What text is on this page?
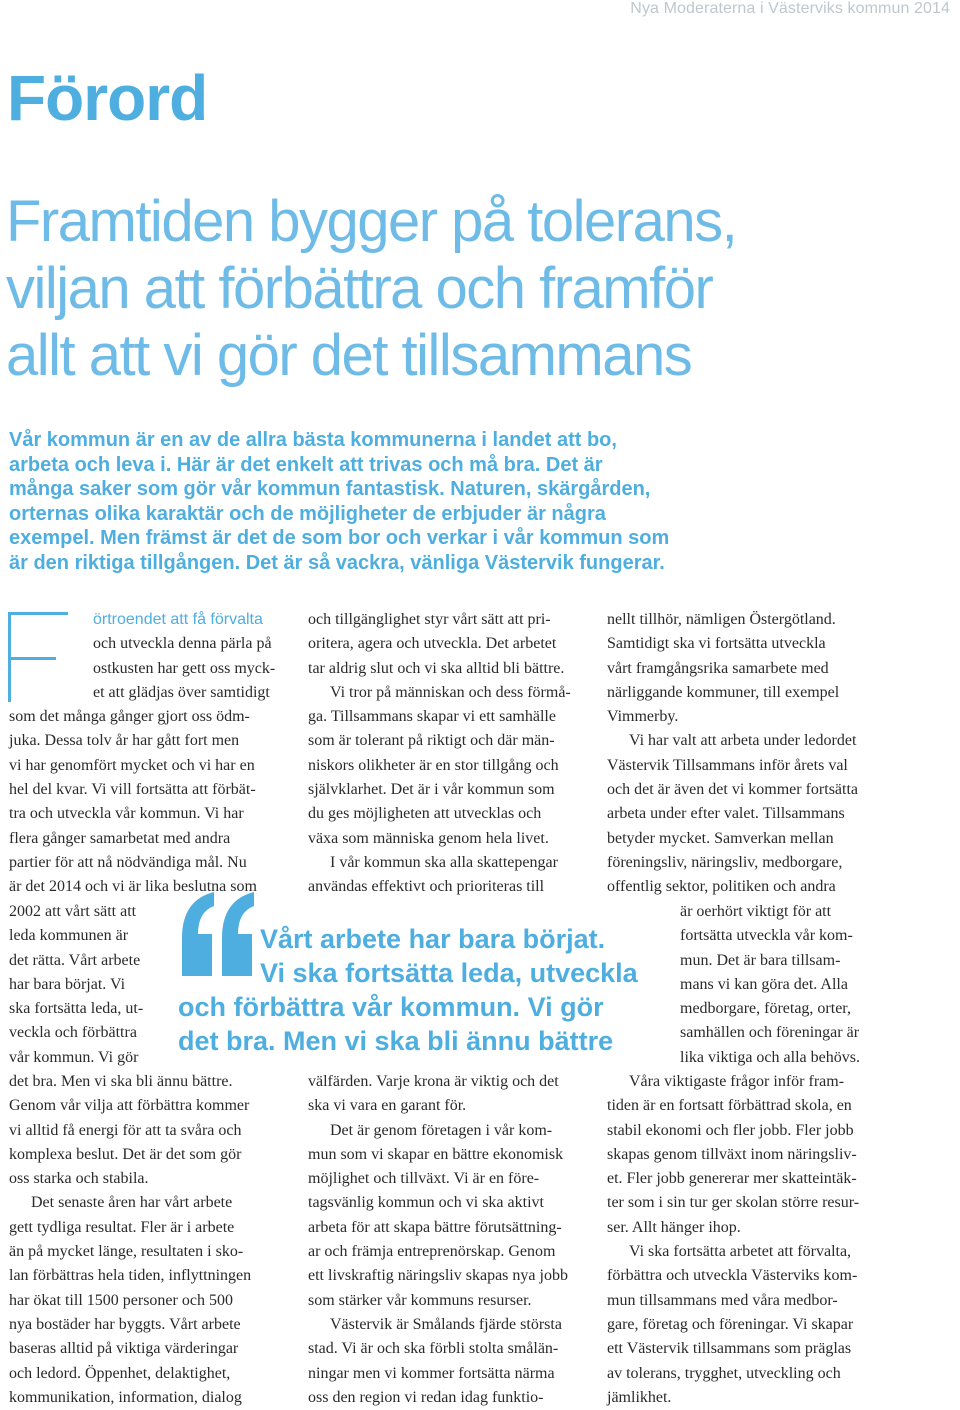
Nya Moderaterna i Västerviks kommun 2014
Förord
Framtiden bygger på tolerans,
viljan att förbättra och framför
allt att vi gör det tillsammans
Vår kommun är en av de allra bästa kommunerna i landet att bo,
arbeta och leva i. Här är det enkelt att trivas och må bra. Det är
många saker som gör vår kommun fantastisk. Naturen, skärgården,
orternas olika karaktär och de möjligheter de erbjuder är några
exempel. Men främst är det de som bor och verkar i vår kommun som
är den riktiga tillgången. Det är så vackra, vänliga Västervik fungerar.
örtroendet att få förvalta
och utveckla denna pärla på
ostkusten har gett oss myck-
et att glädjas över samtidigt
som det många gånger gjort oss ödm-
juka. Dessa tolv år har gått fort men
vi har genomfört mycket och vi har en
hel del kvar. Vi vill fortsätta att förbät-
tra och utveckla vår kommun. Vi har
flera gånger samarbetat med andra
partier för att nå nödvändiga mål. Nu
är det 2014 och vi är lika beslutna som
2002 att vårt sätt att
leda kommunen är
det rätta. Vårt arbete
har bara börjat. Vi
ska fortsätta leda, ut-
veckla och förbättra
vår kommun. Vi gör
det bra. Men vi ska bli ännu bättre.
Genom vår vilja att förbättra kommer
vi alltid få energi för att ta svåra och
komplexa beslut. Det är det som gör
oss starka och stabila.
Det senaste åren har vårt arbete
gett tydliga resultat. Fler är i arbete
än på mycket länge, resultaten i sko-
lan förbättras hela tiden, inflyttningen
har ökat till 1500 personer och 500
nya bostäder har byggts. Vårt arbete
baseras alltid på viktiga värderingar
och ledord. Öppenhet, delaktighet,
kommunikation, information, dialog
och tillgänglighet styr vårt sätt att pri-
oritera, agera och utveckla. Det arbetet
tar aldrig slut och vi ska alltid bli bättre.
Vi tror på människan och dess förmå-
ga. Tillsammans skapar vi ett samhälle
som är tolerant på riktigt och där män-
niskors olikheter är en stor tillgång och
självklarhet. Det är i vår kommun som
du ges möjligheten att utvecklas och
växa som människa genom hela livet.
I vår kommun ska alla skattepengar
användas effektivt och prioriteras till
välfärden. Varje krona är viktig och det
ska vi vara en garant för.
Det är genom företagen i vår kom-
mun som vi skapar en bättre ekonomisk
möjlighet och tillväxt. Vi är en före-
tagsvänlig kommun och vi ska aktivt
arbeta för att skapa bättre förutsättning-
ar och främja entreprenörskap. Genom
ett livskraftig näringsliv skapas nya jobb
som stärker vår kommuns resurser.
Västervik är Smålands fjärde största
stad. Vi är och ska förbli stolta smålän-
ningar men vi kommer fortsätta närma
oss den region vi redan idag funktio-
nellt tillhör, nämligen Östergötland.
Samtidigt ska vi fortsätta utveckla
vårt framgångsrika samarbete med
närliggande kommuner, till exempel
Vimmerby.
Vi har valt att arbeta under ledordet
Västervik Tillsammans inför årets val
och det är även det vi kommer fortsätta
arbeta under efter valet. Tillsammans
betyder mycket. Samverkan mellan
föreningsliv, näringsliv, medborgare,
offentlig sektor, politiken och andra
är oerhört viktigt för att
fortsätta utveckla vår kom-
mun. Det är bara tillsam-
mans vi kan göra det. Alla
medborgare, företag, orter,
samhällen och föreningar är
lika viktiga och alla behövs.
Våra viktigaste frågor inför fram-
tiden är en fortsatt förbättrad skola, en
stabil ekonomi och fler jobb. Fler jobb
skapas genom tillväxt inom näringsliv-
et. Fler jobb genererar mer skatteintäk-
ter som i sin tur ger skolan större resur-
ser. Allt hänger ihop.
Vi ska fortsätta arbetet att förvalta,
förbättra och utveckla Västerviks kom-
mun tillsammans med våra medbor-
gare, företag och föreningar. Vi skapar
ett Västervik tillsammans som präglas
av tolerans, trygghet, utveckling och
jämlikhet.
Vårt arbete har bara börjat.
Vi ska fortsätta leda, utveckla
och förbättra vår kommun. Vi gör
det bra. Men vi ska bli ännu bättre
